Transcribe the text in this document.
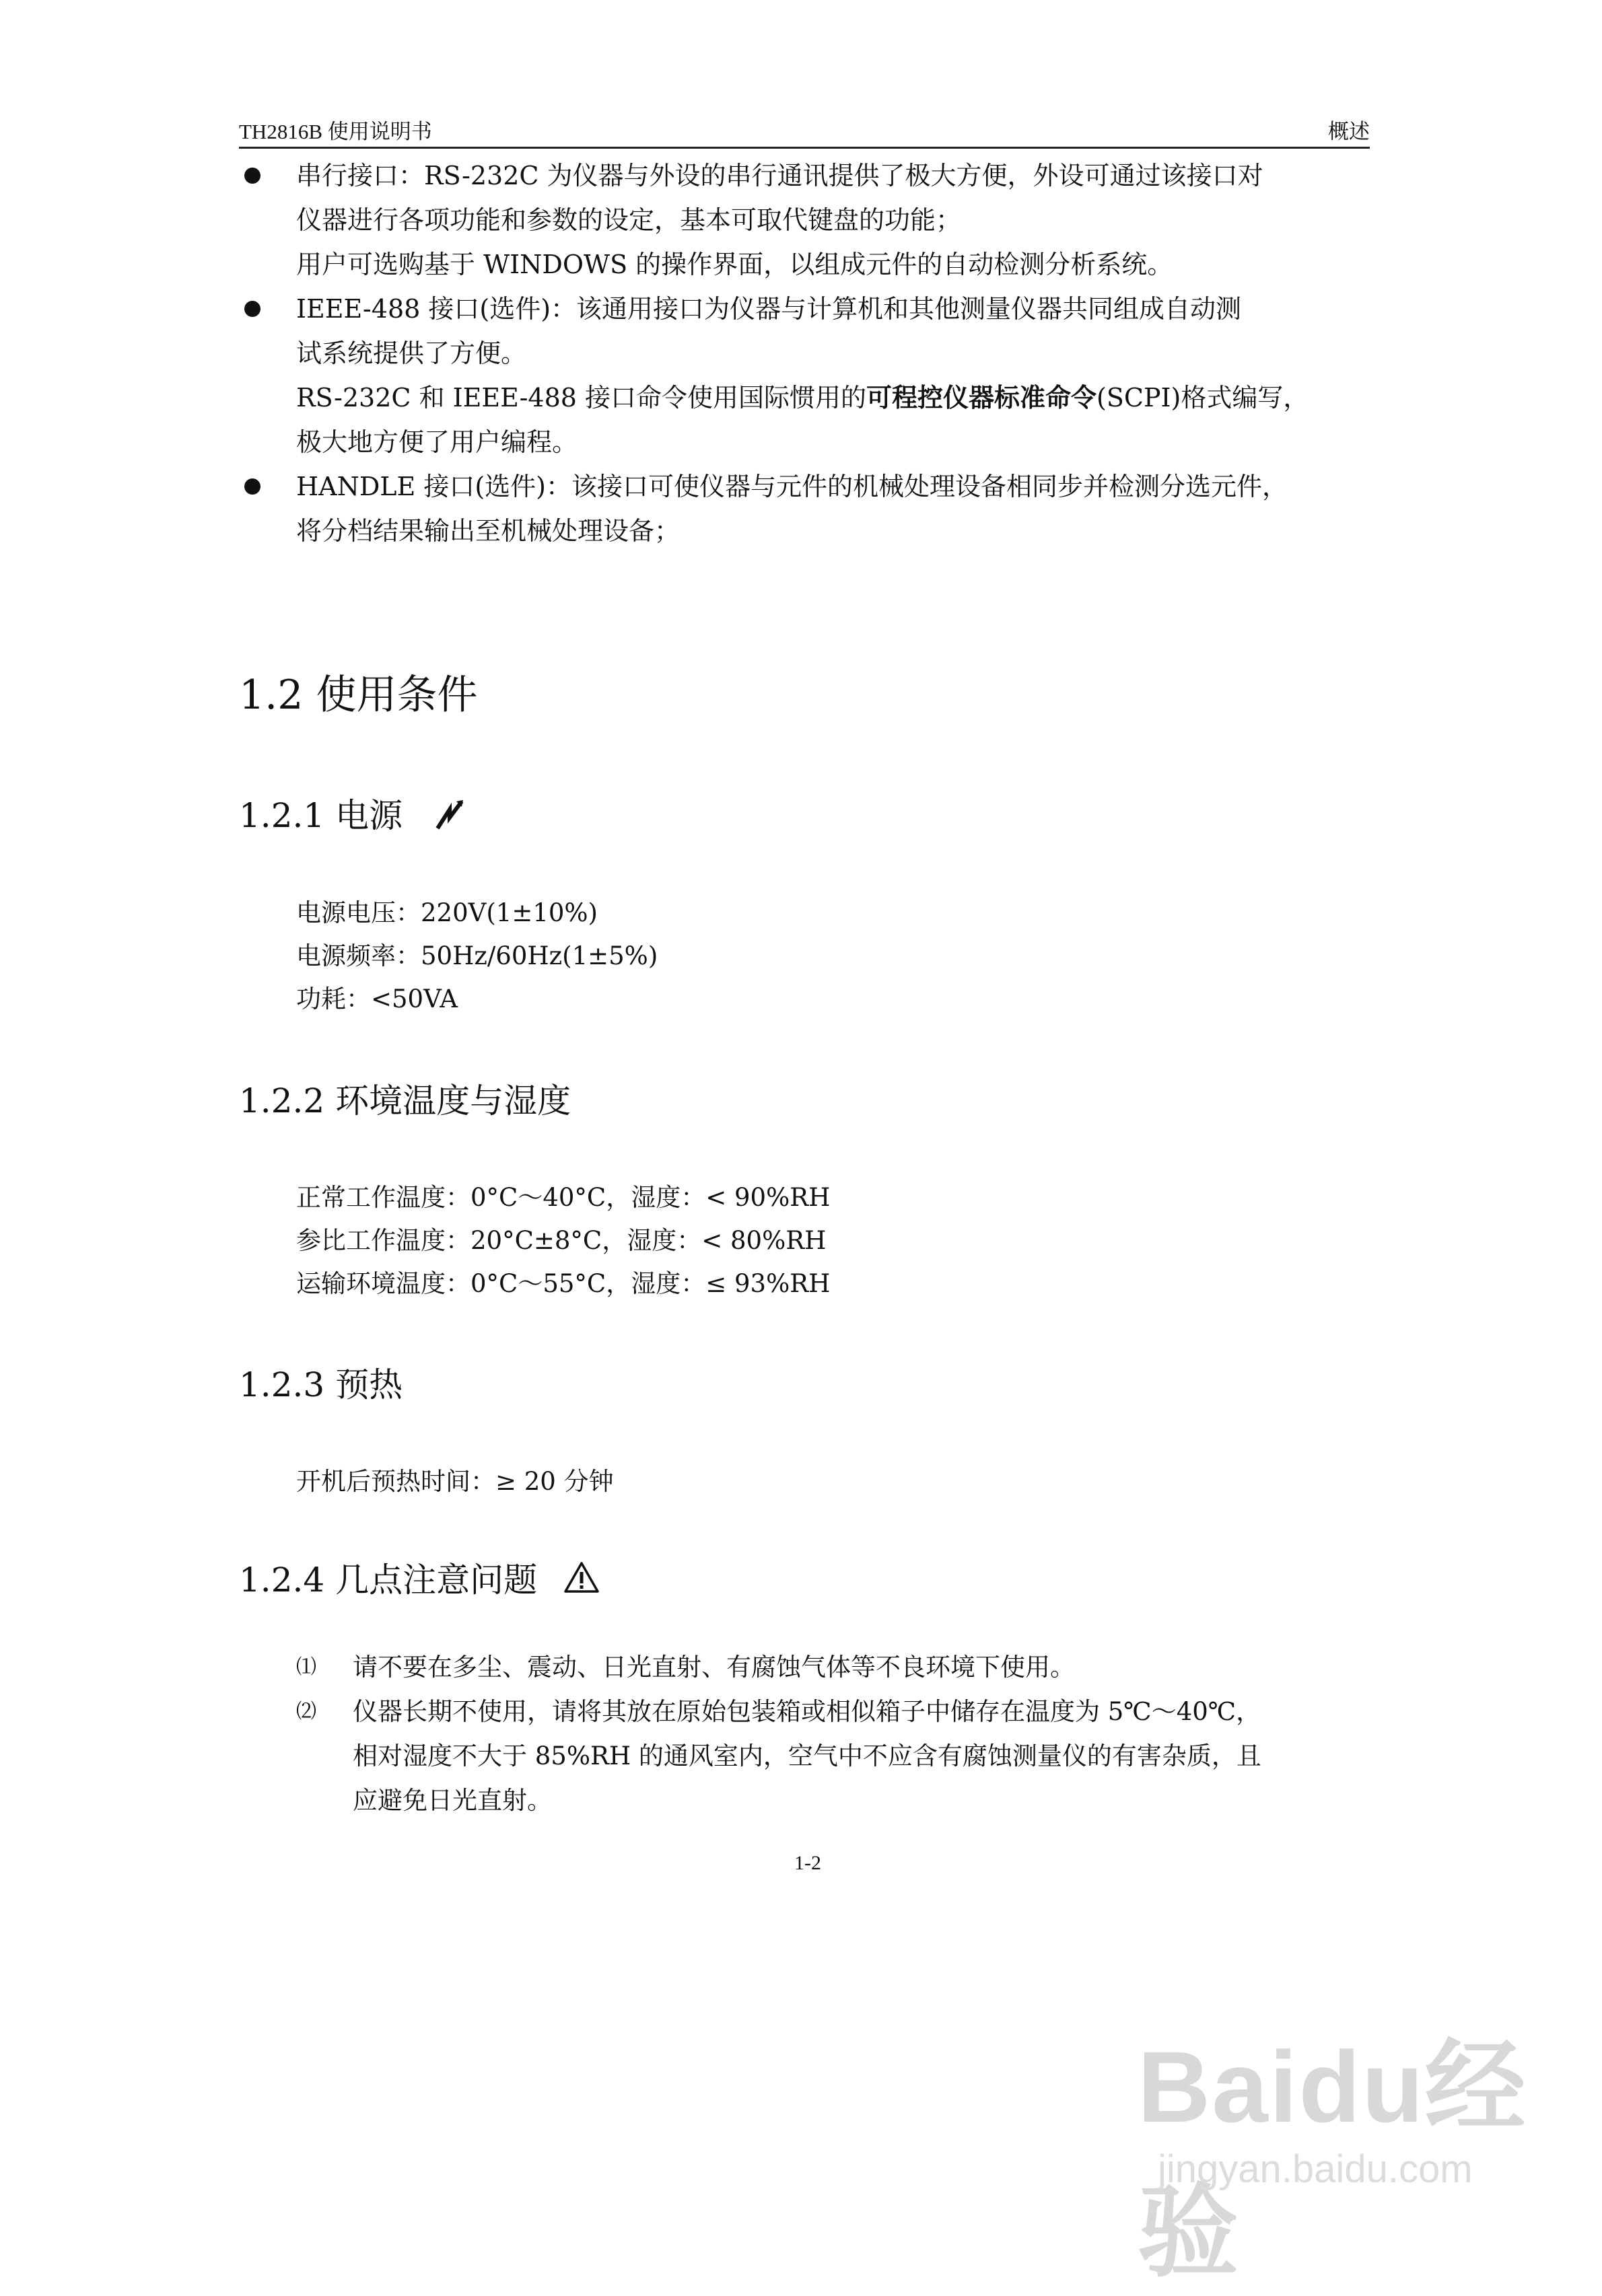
TH2816B 使用说明书	概述
串行接口：RS-232C 为仪器与外设的串行通讯提供了极大方便，外设可通过该接口对
仪器进行各项功能和参数的设定，基本可取代键盘的功能；
用户可选购基于 WINDOWS 的操作界面，以组成元件的自动检测分析系统。
IEEE-488 接口(选件)：该通用接口为仪器与计算机和其他测量仪器共同组成自动测
试系统提供了方便。
RS-232C 和 IEEE-488 接口命令使用国际惯用的可程控仪器标准命令(SCPI)格式编写，
极大地方便了用户编程。
HANDLE 接口(选件)：该接口可使仪器与元件的机械处理设备相同步并检测分选元件，
将分档结果输出至机械处理设备；
1.2 使用条件
1.2.1 电源
电源电压：220V(1±10%)
电源频率：50Hz/60Hz(1±5%)
功耗：<50VA
1.2.2 环境温度与湿度
正常工作温度：0°C～40°C，湿度：< 90%RH
参比工作温度：20°C±8°C，湿度：< 80%RH
运输环境温度：0°C～55°C，湿度：≤ 93%RH
1.2.3 预热
开机后预热时间：≥ 20 分钟
1.2.4 几点注意问题
⑴ 请不要在多尘、震动、日光直射、有腐蚀气体等不良环境下使用。
⑵ 仪器长期不使用，请将其放在原始包装箱或相似箱子中储存在温度为 5℃～40℃，
相对湿度不大于 85%RH 的通风室内，空气中不应含有腐蚀测量仪的有害杂质，且
应避免日光直射。
1-2
Baidu经验
jingyan.baidu.com
